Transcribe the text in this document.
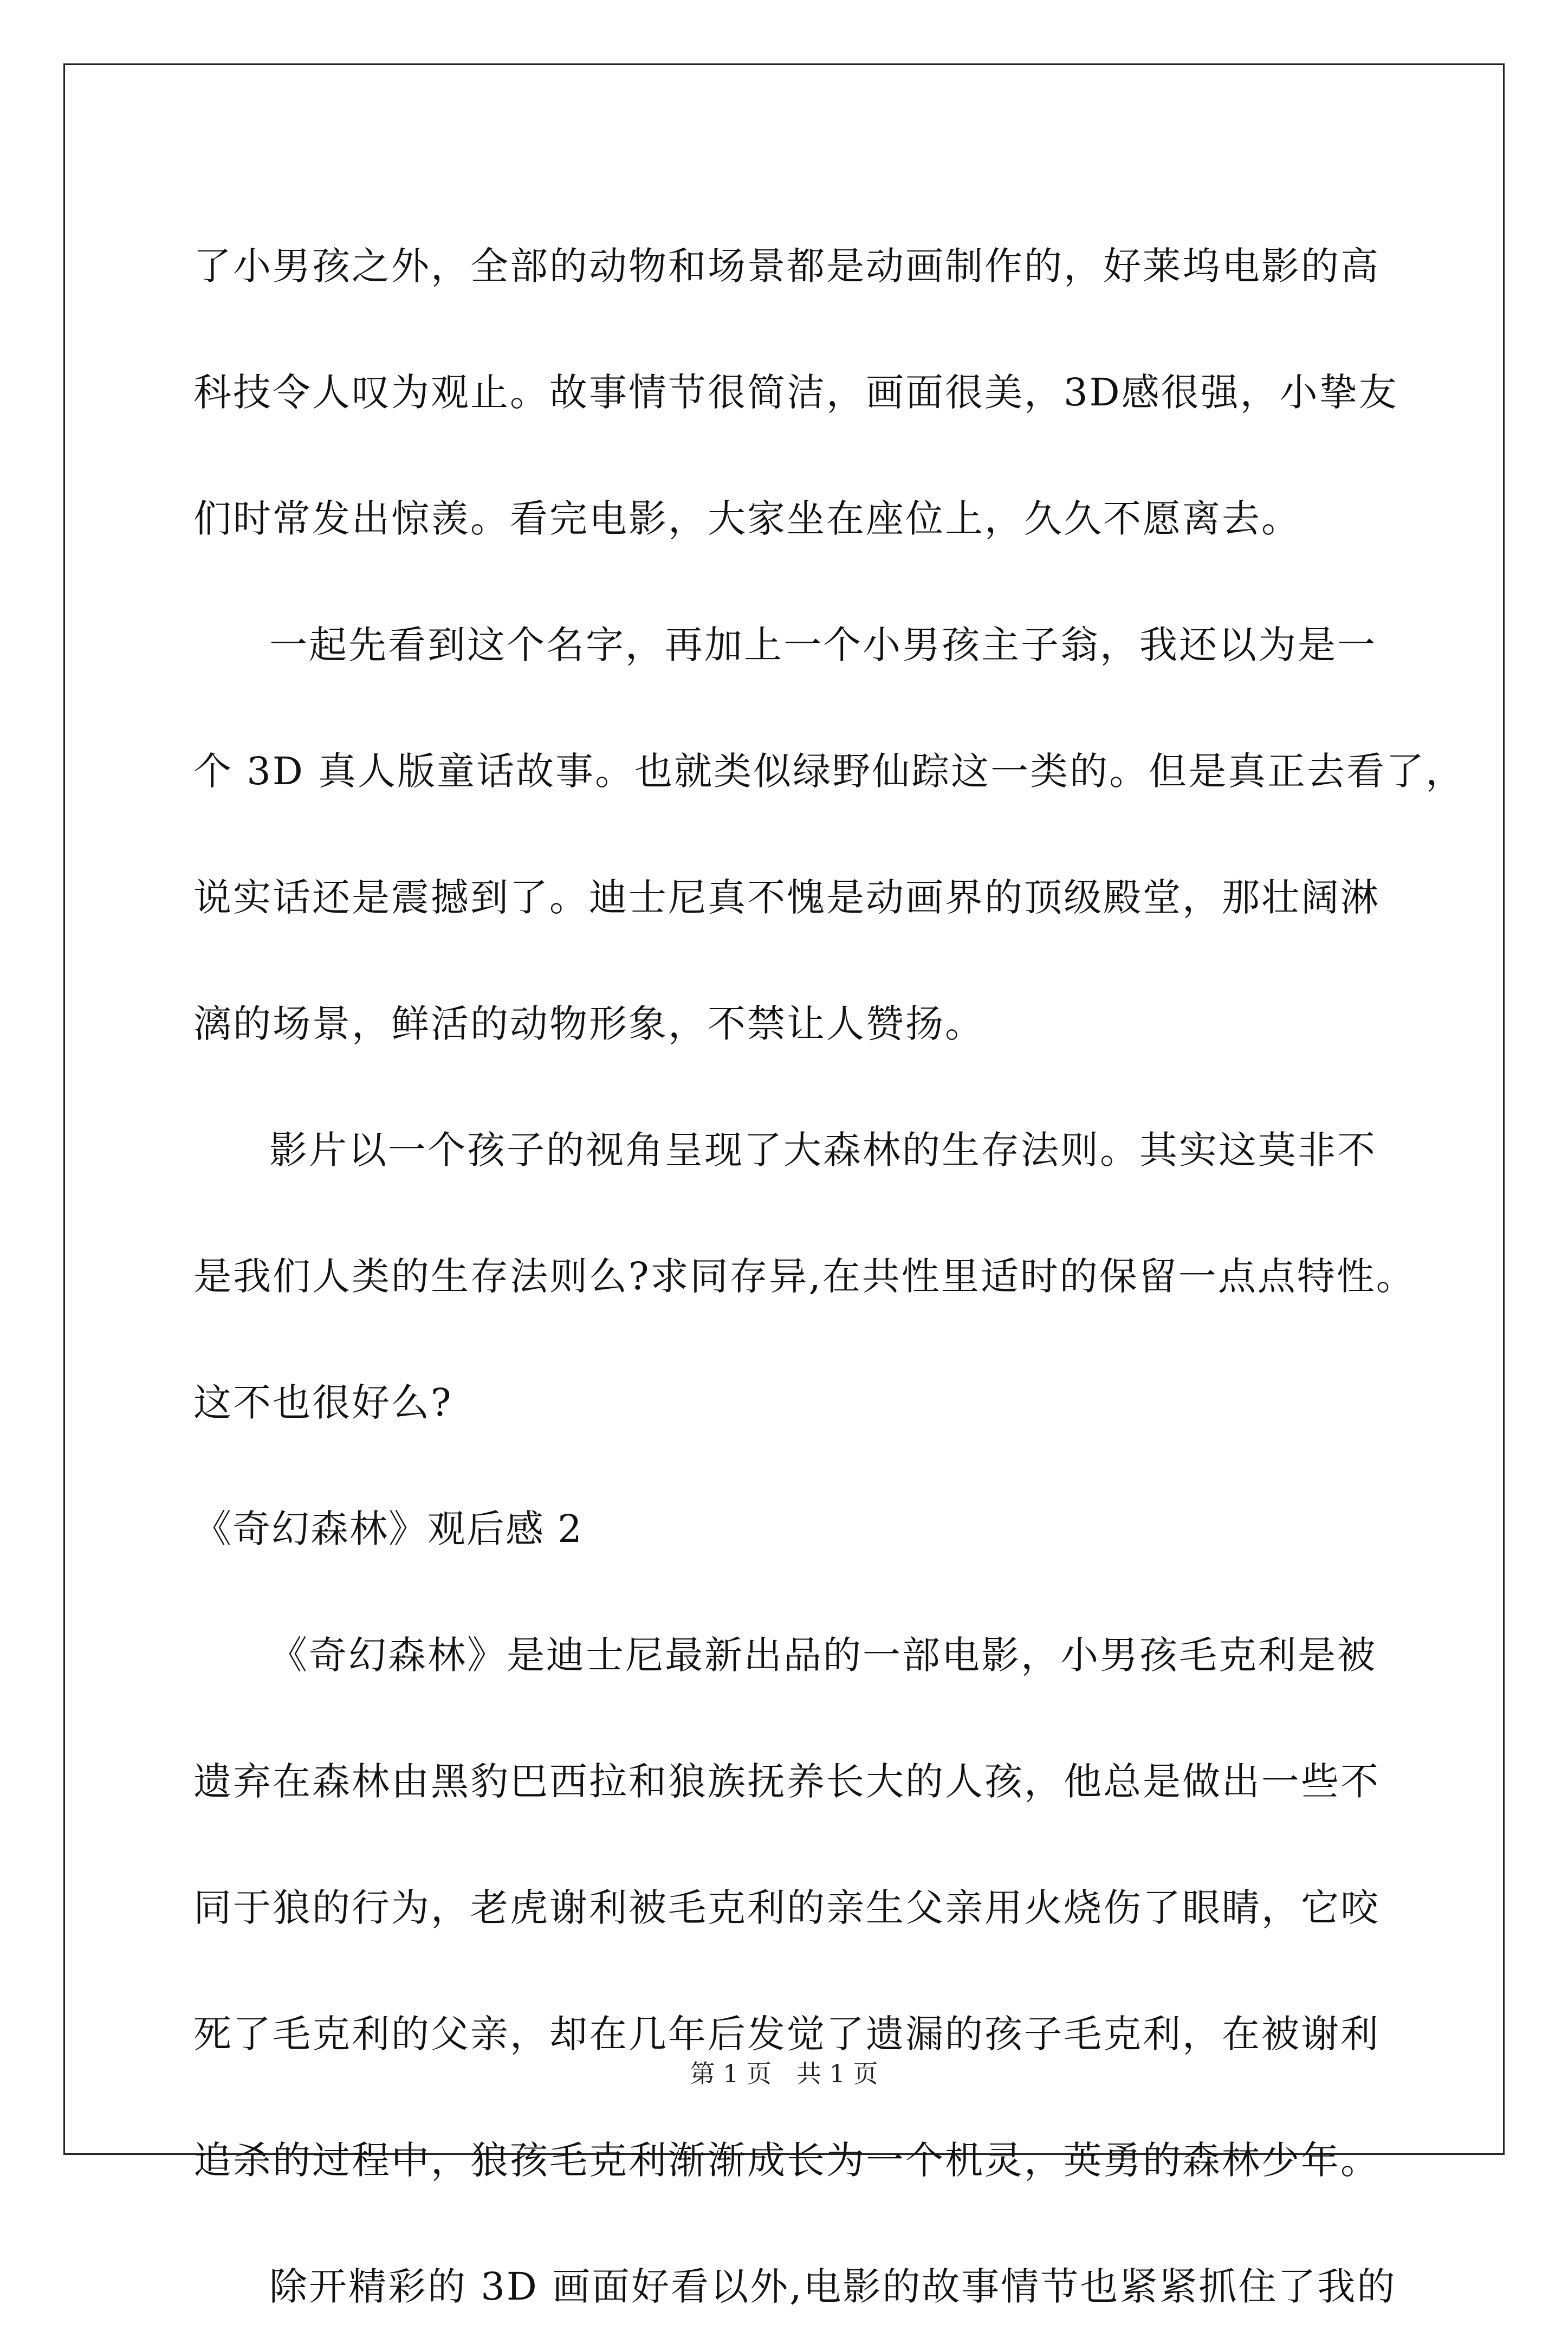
了小男孩之外，全部的动物和场景都是动画制作的，好莱坞电影的高
科技令人叹为观止。故事情节很简洁，画面很美，3D感很强，小挚友
们时常发出惊羡。看完电影，大家坐在座位上，久久不愿离去。
一起先看到这个名字，再加上一个小男孩主子翁，我还以为是一
个 3D 真人版童话故事。也就类似绿野仙踪这一类的。但是真正去看了，
说实话还是震撼到了。迪士尼真不愧是动画界的顶级殿堂，那壮阔淋
漓的场景，鲜活的动物形象，不禁让人赞扬。
影片以一个孩子的视角呈现了大森林的生存法则。其实这莫非不
是我们人类的生存法则么?求同存异,在共性里适时的保留一点点特性。
这不也很好么?
《奇幻森林》观后感 2
《奇幻森林》是迪士尼最新出品的一部电影，小男孩毛克利是被
遗弃在森林由黑豹巴西拉和狼族抚养长大的人孩，他总是做出一些不
同于狼的行为，老虎谢利被毛克利的亲生父亲用火烧伤了眼睛，它咬
死了毛克利的父亲，却在几年后发觉了遗漏的孩子毛克利，在被谢利
追杀的过程中，狼孩毛克利渐渐成长为一个机灵，英勇的森林少年。
除开精彩的 3D 画面好看以外,电影的故事情节也紧紧抓住了我的
第 1 页　共 1 页
